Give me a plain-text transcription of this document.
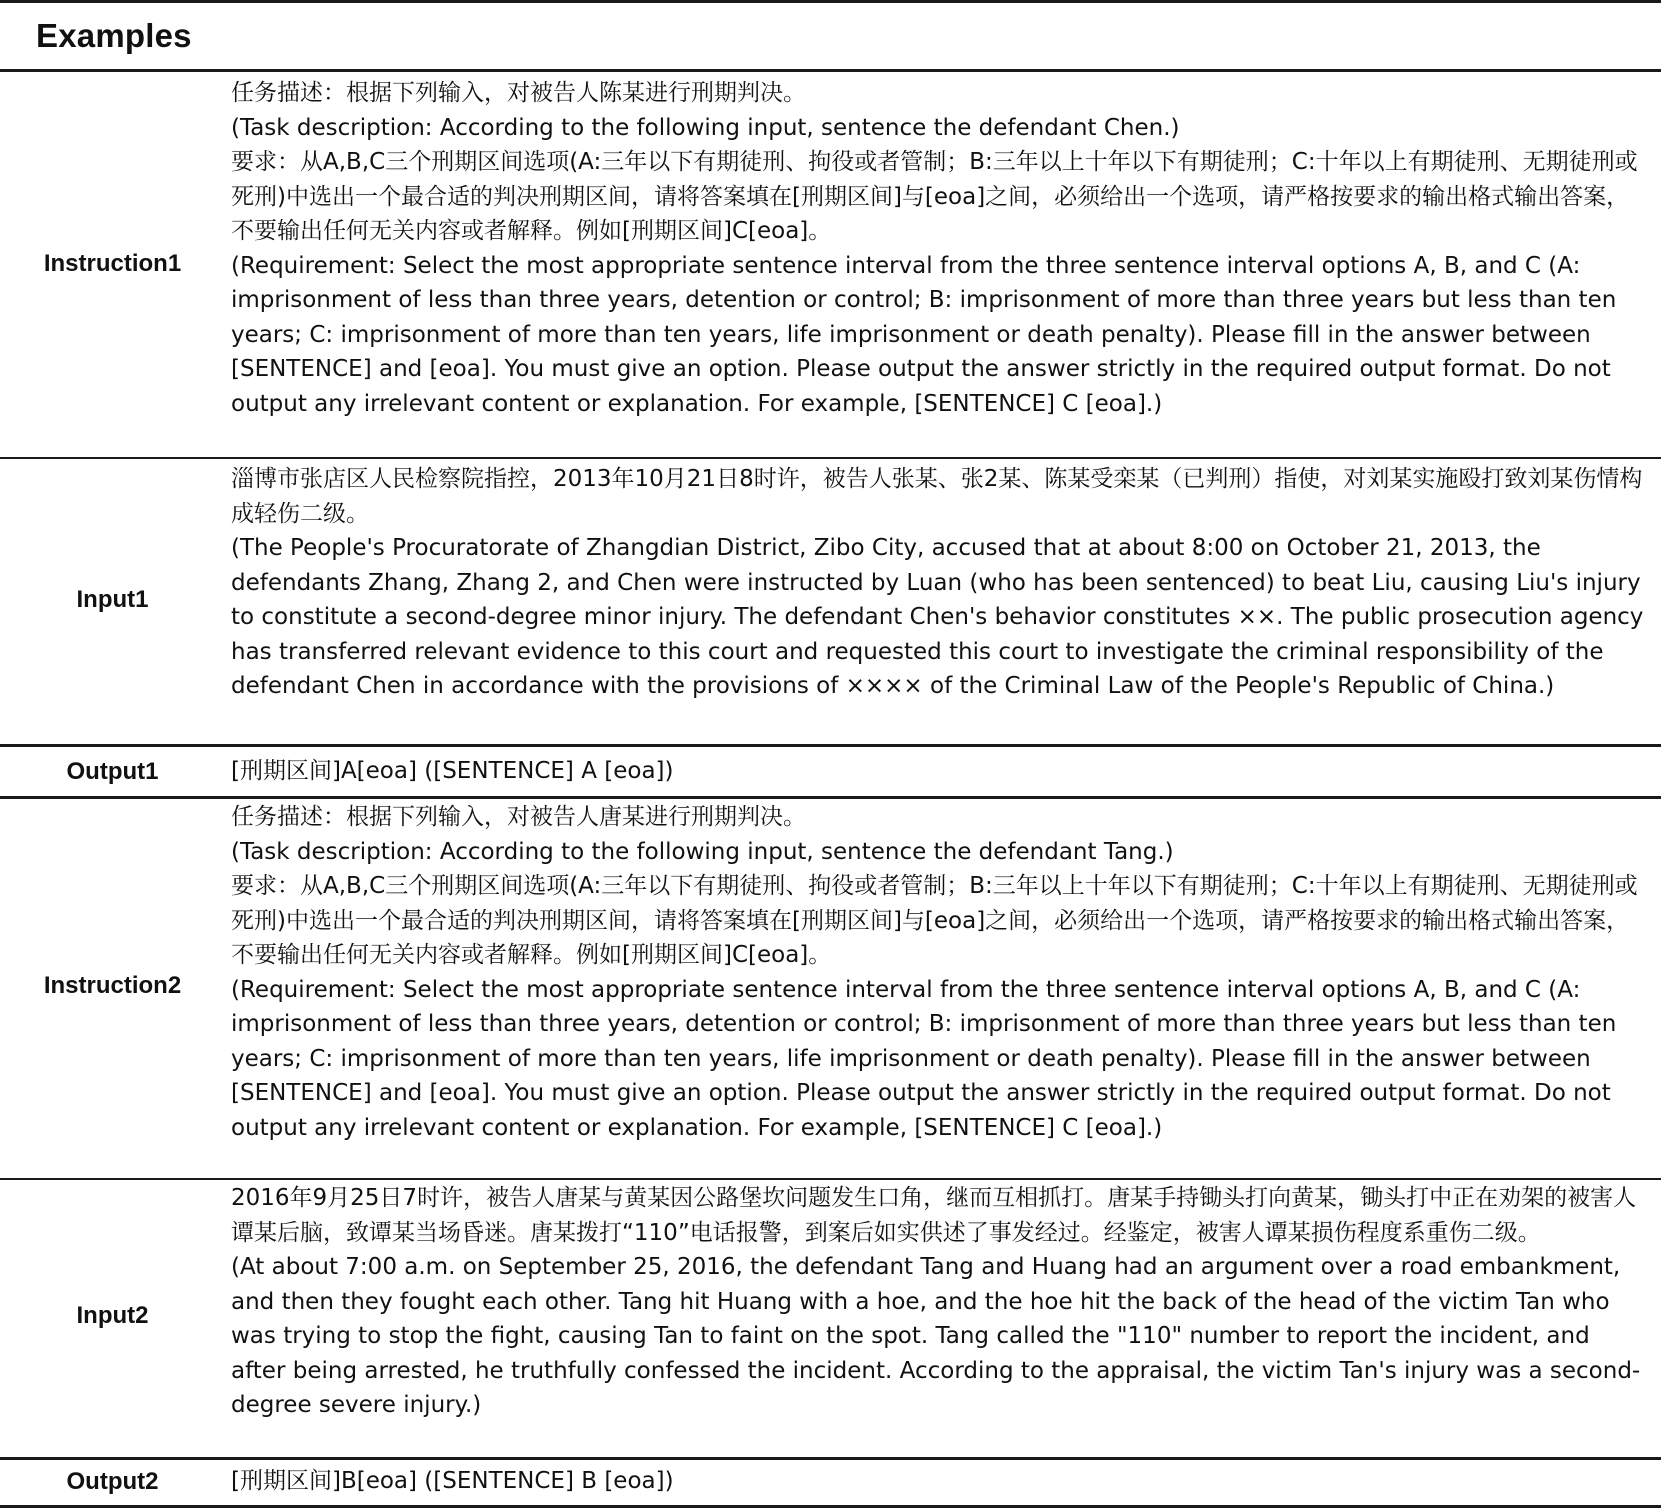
Examples
Instruction1

任务描述：根据下列输入，对被告人陈某进行刑期判决。

(Task description: According to the following input, sentence the defendant Chen.)

要求：从A,B,C三个刑期区间选项(A:三年以下有期徒刑、拘役或者管制；B:三年以上十年以下有期徒刑；C:十年以上有期徒刑、无期徒刑或死刑)中选出一个最合适的判决刑期区间，请将答案填在[刑期区间]与[eoa]之间，必须给出一个选项，请严格按要求的输出格式输出答案，不要输出任何无关内容或者解释。例如[刑期区间]C[eoa]。

(Requirement: Select the most appropriate sentence interval from the three sentence interval options A, B, and C (A: imprisonment of less than three years, detention or control; B: imprisonment of more than three years but less than ten years; C: imprisonment of more than ten years, life imprisonment or death penalty). Please fill in the answer between [SENTENCE] and [eoa]. You must give an option. Please output the answer strictly in the required output format. Do not output any irrelevant content or explanation. For example, [SENTENCE] C [eoa].)

Input1

淄博市张店区人民检察院指控，2013年10月21日8时许，被告人张某、张2某、陈某受栾某（已判刑）指使，对刘某实施殴打致刘某伤情构成轻伤二级。

(The People's Procuratorate of Zhangdian District, Zibo City, accused that at about 8:00 on October 21, 2013, the defendants Zhang, Zhang 2, and Chen were instructed by Luan (who has been sentenced) to beat Liu, causing Liu's injury to constitute a second-degree minor injury. The defendant Chen's behavior constitutes ××. The public prosecution agency has transferred relevant evidence to this court and requested this court to investigate the criminal responsibility of the defendant Chen in accordance with the provisions of ×××× of the Criminal Law of the People's Republic of China.)

Output1	[刑期区间]A[eoa] ([SENTENCE] A [eoa])

Instruction2

任务描述：根据下列输入，对被告人唐某进行刑期判决。

(Task description: According to the following input, sentence the defendant Tang.)

要求：从A,B,C三个刑期区间选项(A:三年以下有期徒刑、拘役或者管制；B:三年以上十年以下有期徒刑；C:十年以上有期徒刑、无期徒刑或死刑)中选出一个最合适的判决刑期区间，请将答案填在[刑期区间]与[eoa]之间，必须给出一个选项，请严格按要求的输出格式输出答案，不要输出任何无关内容或者解释。例如[刑期区间]C[eoa]。

(Requirement: Select the most appropriate sentence interval from the three sentence interval options A, B, and C (A: imprisonment of less than three years, detention or control; B: imprisonment of more than three years but less than ten years; C: imprisonment of more than ten years, life imprisonment or death penalty). Please fill in the answer between [SENTENCE] and [eoa]. You must give an option. Please output the answer strictly in the required output format. Do not output any irrelevant content or explanation. For example, [SENTENCE] C [eoa].)

Input2

2016年9月25日7时许，被告人唐某与黄某因公路堡坎问题发生口角，继而互相抓打。唐某手持锄头打向黄某，锄头打中正在劝架的被害人谭某后脑，致谭某当场昏迷。唐某拨打“110”电话报警，到案后如实供述了事发经过。经鉴定，被害人谭某损伤程度系重伤二级。

(At about 7:00 a.m. on September 25, 2016, the defendant Tang and Huang had an argument over a road embankment, and then they fought each other. Tang hit Huang with a hoe, and the hoe hit the back of the head of the victim Tan who was trying to stop the fight, causing Tan to faint on the spot. Tang called the "110" number to report the incident, and after being arrested, he truthfully confessed the incident. According to the appraisal, the victim Tan's injury was a second-degree severe injury.)

Output2	[刑期区间]B[eoa] ([SENTENCE] B [eoa])
